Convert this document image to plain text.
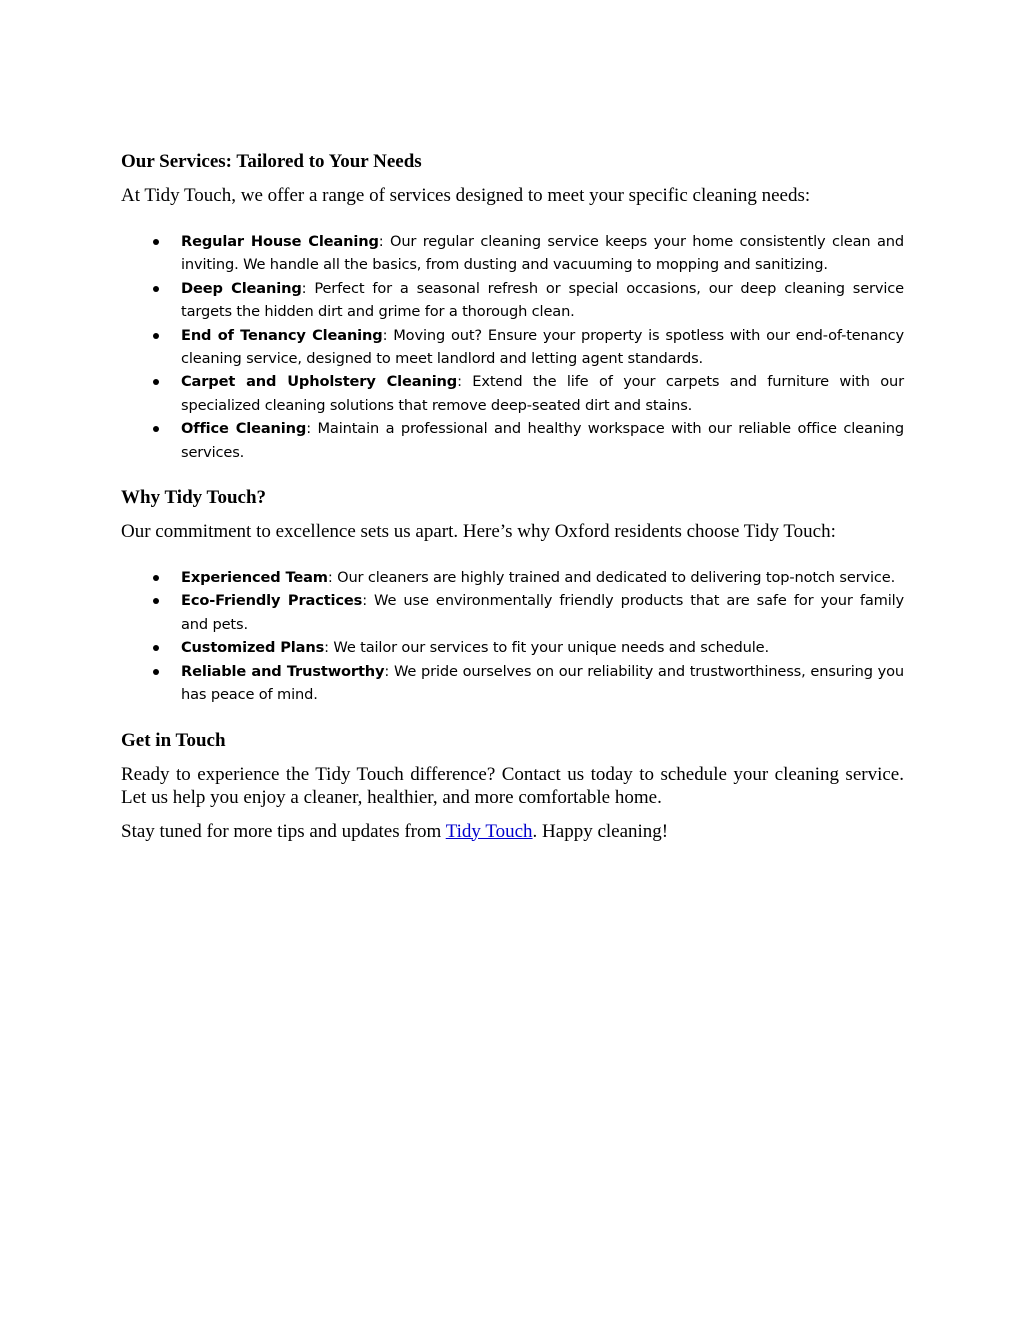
Our Services: Tailored to Your Needs

At Tidy Touch, we offer a range of services designed to meet your specific cleaning needs:

Regular House Cleaning: Our regular cleaning service keeps your home consistently clean and inviting. We handle all the basics, from dusting and vacuuming to mopping and sanitizing.
Deep Cleaning: Perfect for a seasonal refresh or special occasions, our deep cleaning service targets the hidden dirt and grime for a thorough clean.
End of Tenancy Cleaning: Moving out? Ensure your property is spotless with our end-of-tenancy cleaning service, designed to meet landlord and letting agent standards.
Carpet and Upholstery Cleaning: Extend the life of your carpets and furniture with our specialized cleaning solutions that remove deep-seated dirt and stains.
Office Cleaning: Maintain a professional and healthy workspace with our reliable office cleaning services.
Why Tidy Touch?

Our commitment to excellence sets us apart. Here’s why Oxford residents choose Tidy Touch:

Experienced Team: Our cleaners are highly trained and dedicated to delivering top-notch service.
Eco-Friendly Practices: We use environmentally friendly products that are safe for your family and pets.
Customized Plans: We tailor our services to fit your unique needs and schedule.
Reliable and Trustworthy: We pride ourselves on our reliability and trustworthiness, ensuring you has peace of mind.
Get in Touch

Ready to experience the Tidy Touch difference? Contact us today to schedule your cleaning service. Let us help you enjoy a cleaner, healthier, and more comfortable home.

Stay tuned for more tips and updates from Tidy Touch. Happy cleaning!
